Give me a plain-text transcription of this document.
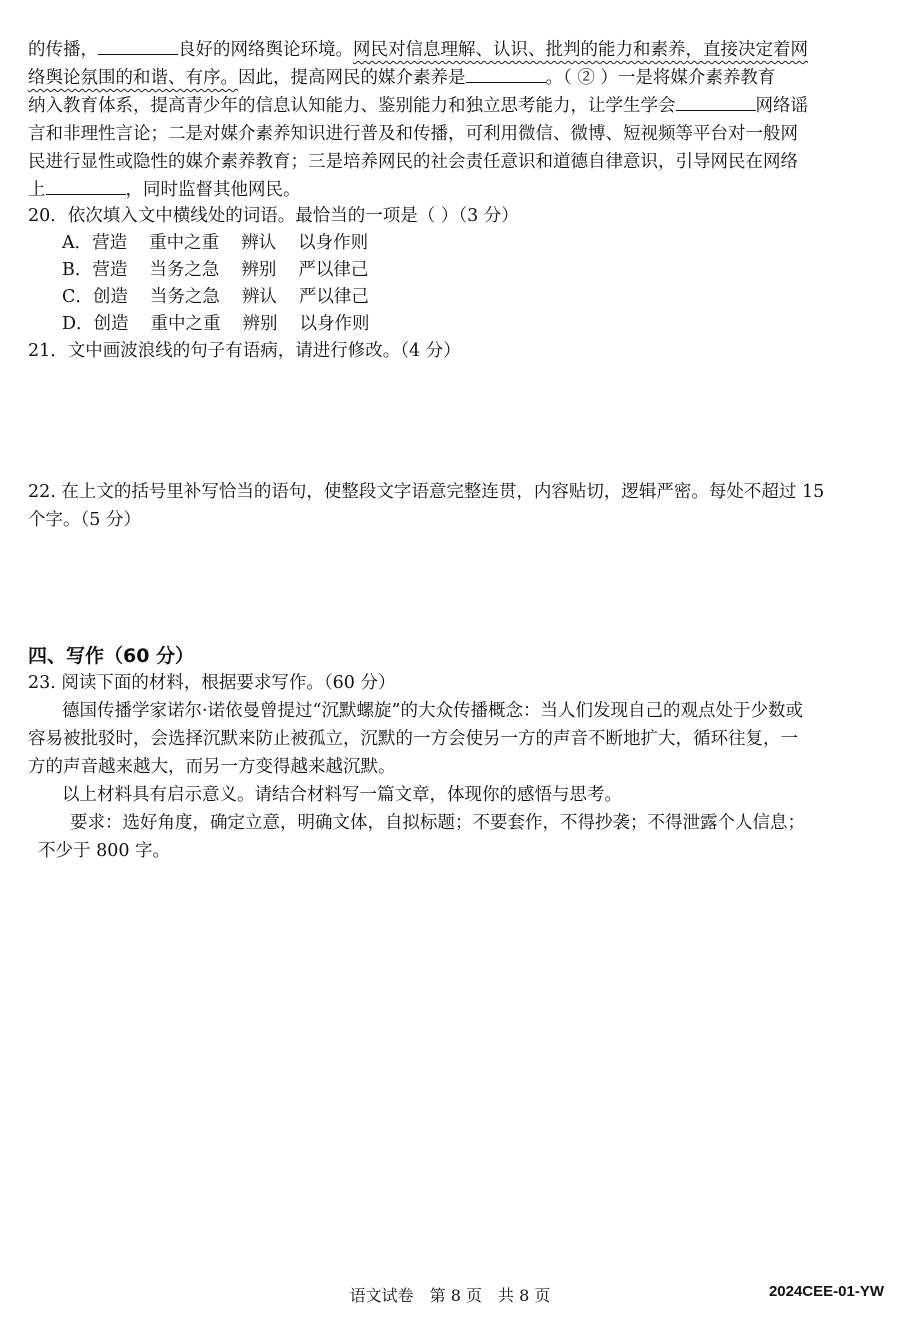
的传播，	良好的网络舆论环境。网民对信息理解、认识、批判的能力和素养，直接决定着网
络舆论氛围的和谐、有序。因此，提高网民的媒介素养是	。（ ② ）一是将媒介素养教育
纳入教育体系，提高青少年的信息认知能力、鉴别能力和独立思考能力，让学生学会	网络谣
言和非理性言论；二是对媒介素养知识进行普及和传播，可利用微信、微博、短视频等平台对一般网
民进行显性或隐性的媒介素养教育；三是培养网民的社会责任意识和道德自律意识，引导网民在网络
上	，同时监督其他网民。
20．依次填入文中横线处的词语。最恰当的一项是（ ）（3 分）
A．营造 重中之重 辨认 以身作则
B．营造 当务之急 辨别 严以律己
C．创造 当务之急 辨认 严以律己
D．创造 重中之重 辨别 以身作则
21．文中画波浪线的句子有语病，请进行修改。（4 分）
22. 在上文的括号里补写恰当的语句，使整段文字语意完整连贯，内容贴切，逻辑严密。每处不超过 15
个字。（5 分）
四、写作（60 分）
23. 阅读下面的材料，根据要求写作。（60 分）
德国传播学家诺尔·诺依曼曾提过“沉默螺旋”的大众传播概念：当人们发现自己的观点处于少数或
容易被批驳时，会选择沉默来防止被孤立，沉默的一方会使另一方的声音不断地扩大，循环往复，一
方的声音越来越大，而另一方变得越来越沉默。
以上材料具有启示意义。请结合材料写一篇文章，体现你的感悟与思考。
要求：选好角度，确定立意，明确文体，自拟标题；不要套作，不得抄袭；不得泄露个人信息；
不少于 800 字。
语文试卷　第 8 页　共 8 页	2024CEE-01-YW
